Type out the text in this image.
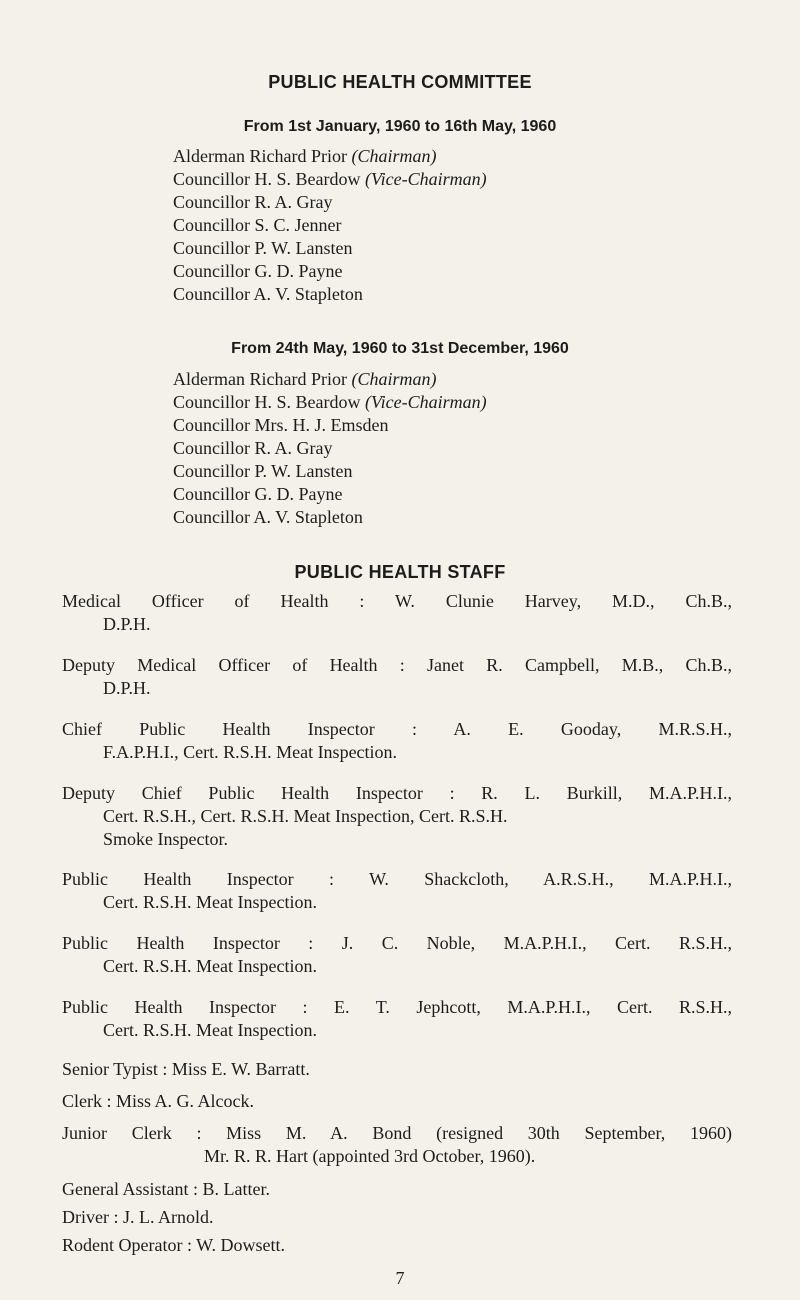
PUBLIC HEALTH COMMITTEE
From 1st January, 1960 to 16th May, 1960
Alderman Richard Prior (Chairman)
Councillor H. S. Beardow (Vice-Chairman)
Councillor R. A. Gray
Councillor S. C. Jenner
Councillor P. W. Lansten
Councillor G. D. Payne
Councillor A. V. Stapleton
From 24th May, 1960 to 31st December, 1960
Alderman Richard Prior (Chairman)
Councillor H. S. Beardow (Vice-Chairman)
Councillor Mrs. H. J. Emsden
Councillor R. A. Gray
Councillor P. W. Lansten
Councillor G. D. Payne
Councillor A. V. Stapleton
PUBLIC HEALTH STAFF
Medical Officer of Health : W. Clunie Harvey, M.D., Ch.B.,
D.P.H.
Deputy Medical Officer of Health : Janet R. Campbell, M.B., Ch.B.,
D.P.H.
Chief Public Health Inspector : A. E. Gooday, M.R.S.H.,
F.A.P.H.I., Cert. R.S.H. Meat Inspection.
Deputy Chief Public Health Inspector : R. L. Burkill, M.A.P.H.I.,
Cert. R.S.H., Cert. R.S.H. Meat Inspection, Cert. R.S.H.
Smoke Inspector.
Public Health Inspector : W. Shackcloth, A.R.S.H., M.A.P.H.I.,
Cert. R.S.H. Meat Inspection.
Public Health Inspector : J. C. Noble, M.A.P.H.I., Cert. R.S.H.,
Cert. R.S.H. Meat Inspection.
Public Health Inspector : E. T. Jephcott, M.A.P.H.I., Cert. R.S.H.,
Cert. R.S.H. Meat Inspection.
Senior Typist : Miss E. W. Barratt.
Clerk : Miss A. G. Alcock.
Junior Clerk : Miss M. A. Bond (resigned 30th September, 1960)
Mr. R. R. Hart (appointed 3rd October, 1960).
7
General Assistant : B. Latter.
Driver : J. L. Arnold.
Rodent Operator : W. Dowsett.
